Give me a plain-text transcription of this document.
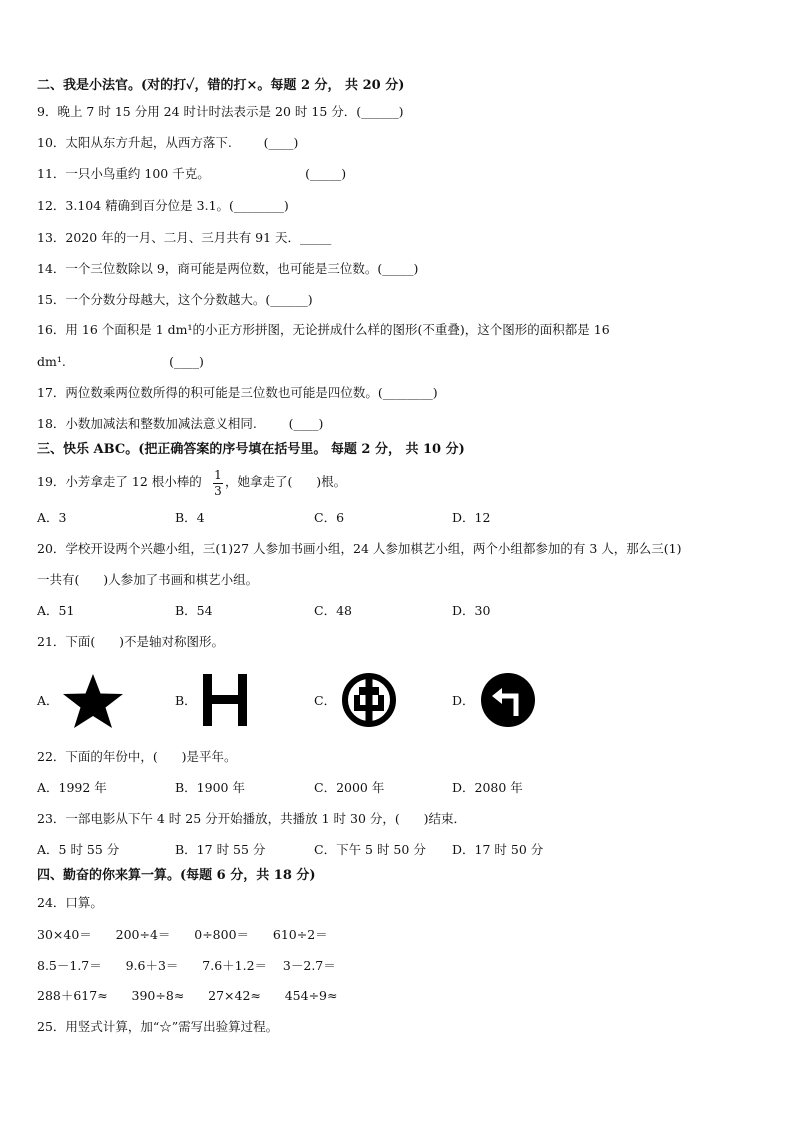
二、我是小法官。(对的打✓，错的打×。每题 2 分， 共 20 分)
9．晚上 7 时 15 分用 24 时计时法表示是 20 时 15 分．(______)
10．太阳从东方升起，从西方落下.        (____)
11．一只小鸟重约 100 千克。                        (_____)
12．3.104 精确到百分位是 3.1。(________)
13．2020 年的一月、二月、三月共有 91 天．_____
14．一个三位数除以 9，商可能是两位数，也可能是三位数。(_____)
15．一个分数分母越大，这个分数越大。(______)
16．用 16 个面积是 1 dm¹的小正方形拼图，无论拼成什么样的图形(不重叠)，这个图形的面积都是 16
dm¹.                          (____)
17．两位数乘两位数所得的积可能是三位数也可能是四位数。(________)
18．小数加减法和整数加减法意义相同.        (____)
三、快乐 ABC。(把正确答案的序号填在括号里。 每题 2 分， 共 10 分)
19．小芳拿走了 12 根小棒的 1
3
，她拿走了(      )根。
A．3	B．4	C．6	D．12
20．学校开设两个兴趣小组，三(1)27 人参加书画小组，24 人参加棋艺小组，两个小组都参加的有 3 人，那么三(1)
一共有(      )人参加了书画和棋艺小组。
A．51	B．54	C．48	D．30
21．下面(      )不是轴对称图形。
A．	B．	C．	D．
22．下面的年份中，(      )是平年。
A．1992 年	B．1900 年	C．2000 年	D．2080 年
23．一部电影从下午 4 时 25 分开始播放，共播放 1 时 30 分，(      )结束．
A．5 时 55 分	B．17 时 55 分	C．下午 5 时 50 分 D．17 时 50 分
四、勤奋的你来算一算。(每题 6 分，共 18 分)
24．口算。
30×40＝      200÷4＝      0÷800＝      610÷2＝
8.5－1.7＝      9.6＋3＝      7.6＋1.2＝    3－2.7＝
288＋617≈      390÷8≈      27×42≈      454÷9≈
25．用竖式计算，加“☆”需写出验算过程。
